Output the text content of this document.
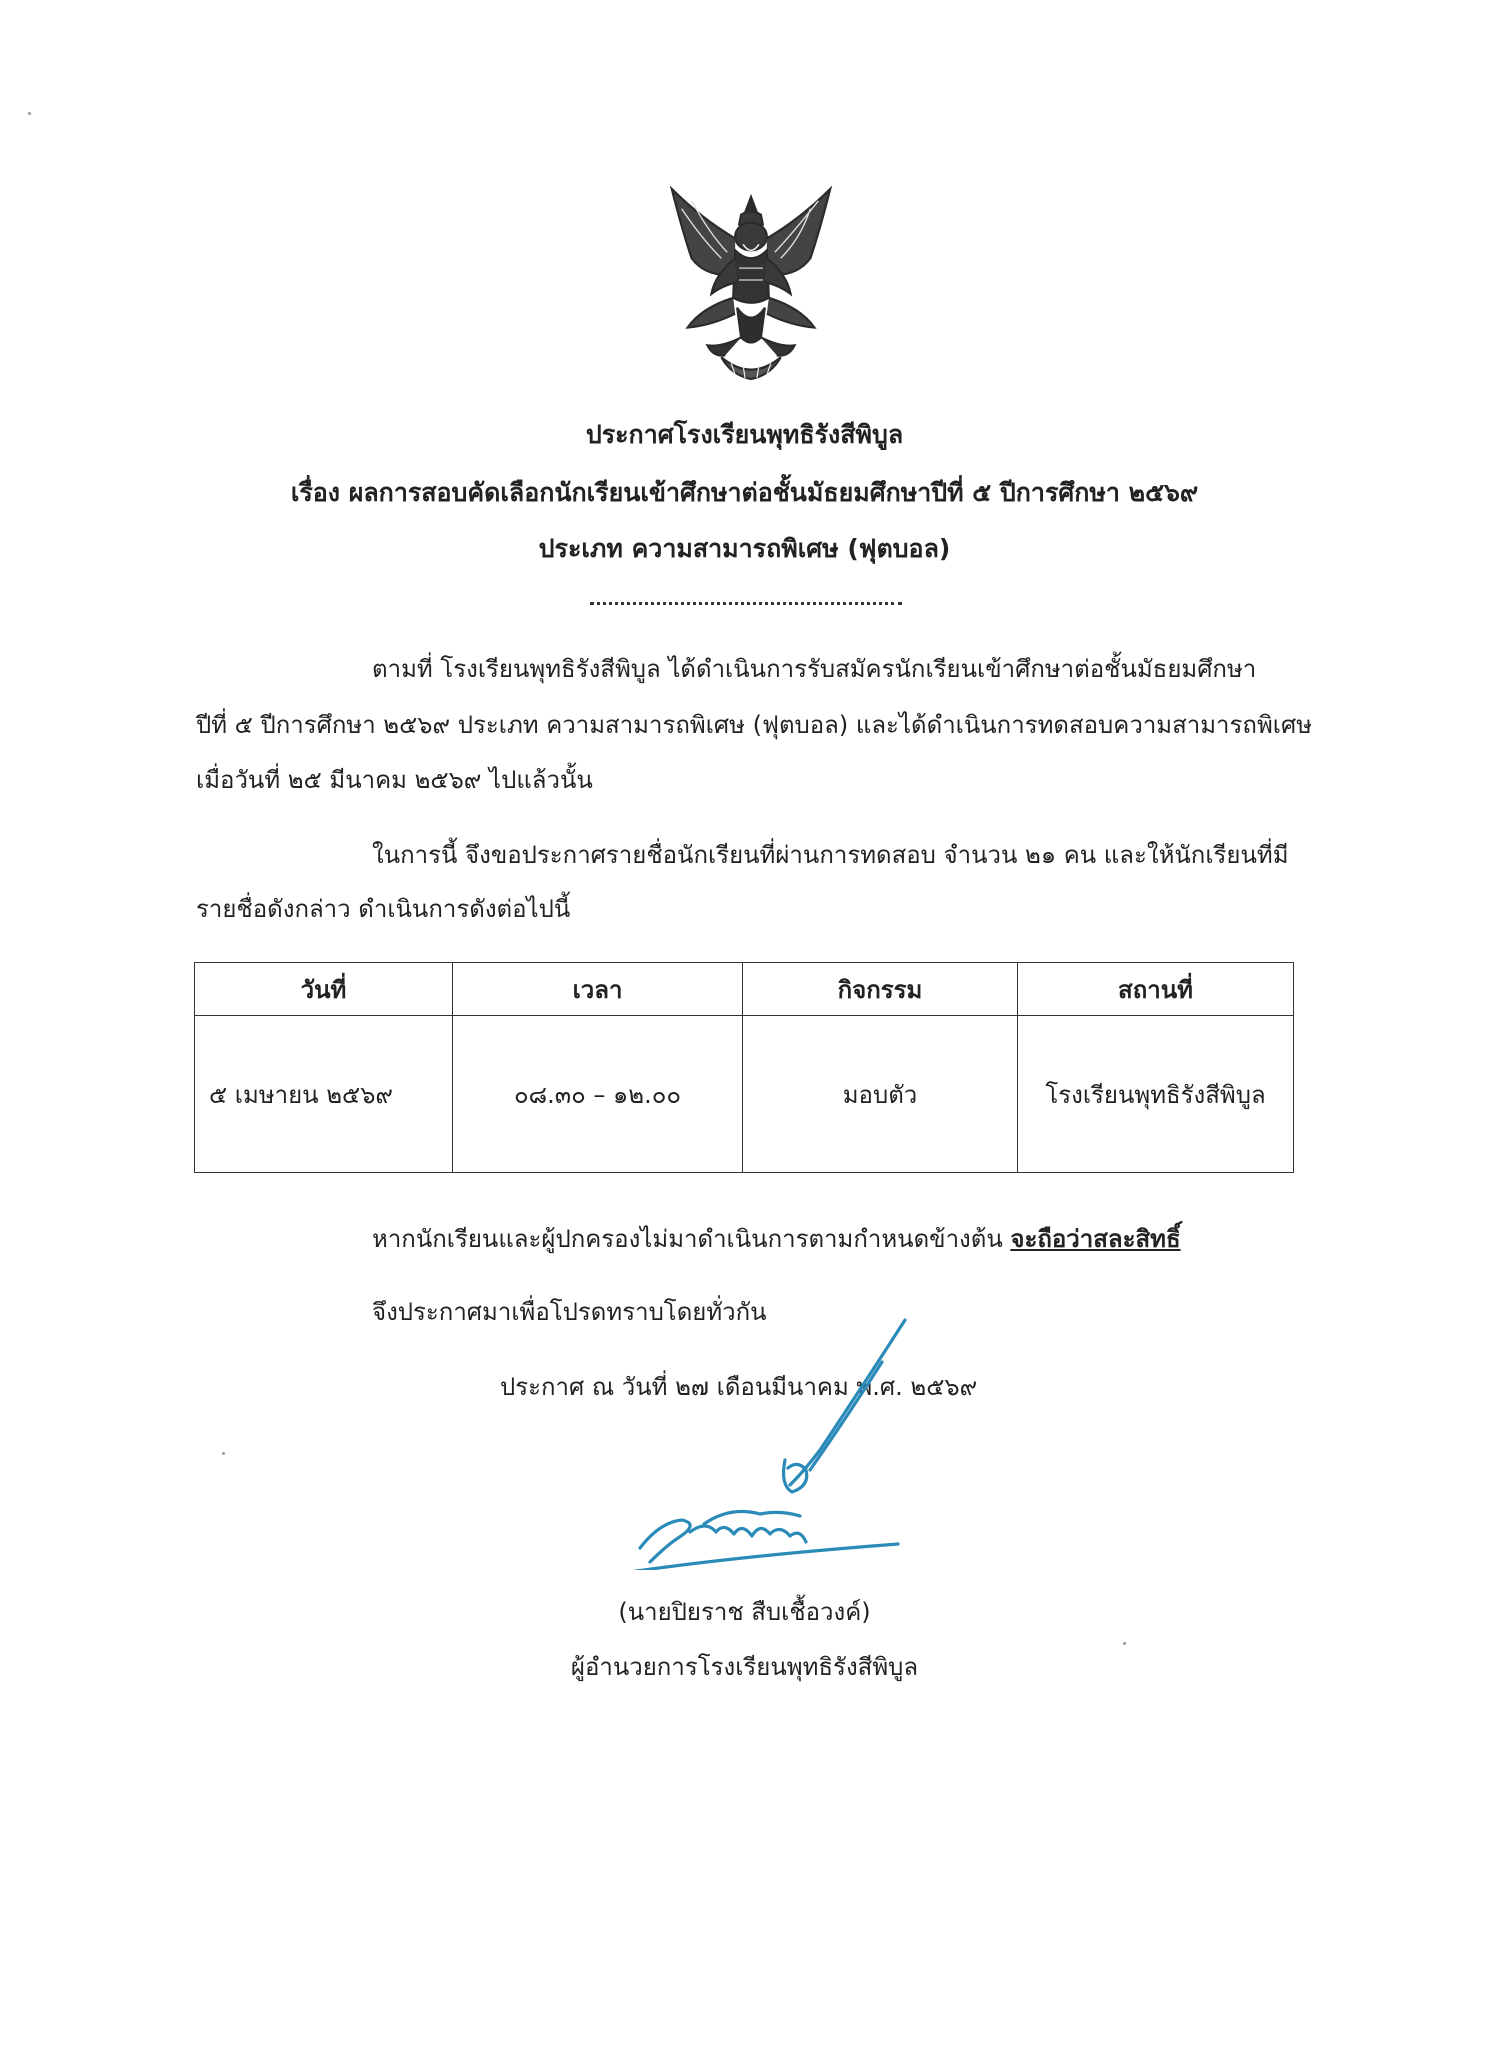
ประกาศโรงเรียนพุทธิรังสีพิบูล
เรื่อง ผลการสอบคัดเลือกนักเรียนเข้าศึกษาต่อชั้นมัธยมศึกษาปีที่ ๕ ปีการศึกษา ๒๕๖๙
ประเภท ความสามารถพิเศษ (ฟุตบอล)
ตามที่ โรงเรียนพุทธิรังสีพิบูล ได้ดำเนินการรับสมัครนักเรียนเข้าศึกษาต่อชั้นมัธยมศึกษา
ปีที่ ๕ ปีการศึกษา ๒๕๖๙ ประเภท ความสามารถพิเศษ (ฟุตบอล) และได้ดำเนินการทดสอบความสามารถพิเศษ
เมื่อวันที่ ๒๕ มีนาคม ๒๕๖๙ ไปแล้วนั้น
ในการนี้ จึงขอประกาศรายชื่อนักเรียนที่ผ่านการทดสอบ จำนวน ๒๑ คน และให้นักเรียนที่มี
รายชื่อดังกล่าว ดำเนินการดังต่อไปนี้
วันที่	เวลา	กิจกรรม	สถานที่
๕ เมษายน ๒๕๖๙	๐๘.๓๐ – ๑๒.๐๐	มอบตัว	โรงเรียนพุทธิรังสีพิบูล
หากนักเรียนและผู้ปกครองไม่มาดำเนินการตามกำหนดข้างต้น จะถือว่าสละสิทธิ์
จึงประกาศมาเพื่อโปรดทราบโดยทั่วกัน
ประกาศ ณ วันที่ ๒๗ เดือนมีนาคม พ.ศ. ๒๕๖๙
(นายปิยราช สืบเชื้อวงค์)
ผู้อำนวยการโรงเรียนพุทธิรังสีพิบูล
